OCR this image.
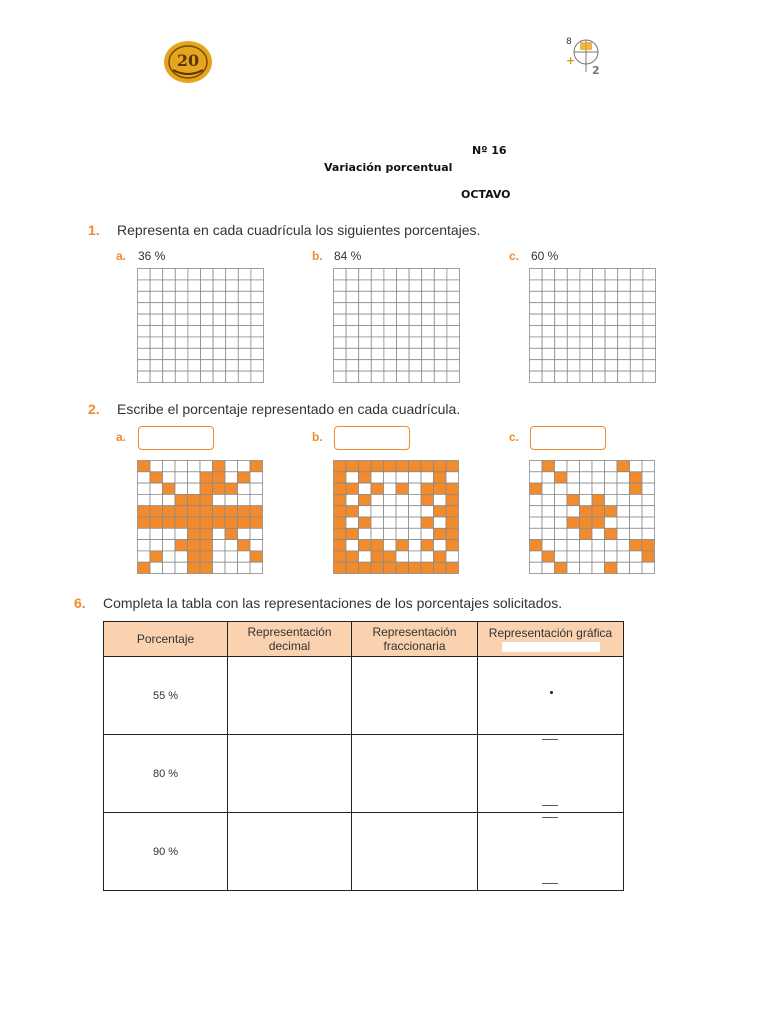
20
8
+
2
Nº 16
Variación porcentual
OCTAVO
1. Representa en cada cuadrícula los siguientes porcentajes.
a. 36 %	b. 84 %	c. 60 %
2. Escribe el porcentaje representado en cada cuadrícula.
a.	b.	c.
6. Completa la tabla con las representaciones de los porcentajes solicitados.
Porcentaje	Representación decimal	Representación fraccionaria	Representación gráfica

55 %			

80 %			

90 %			
